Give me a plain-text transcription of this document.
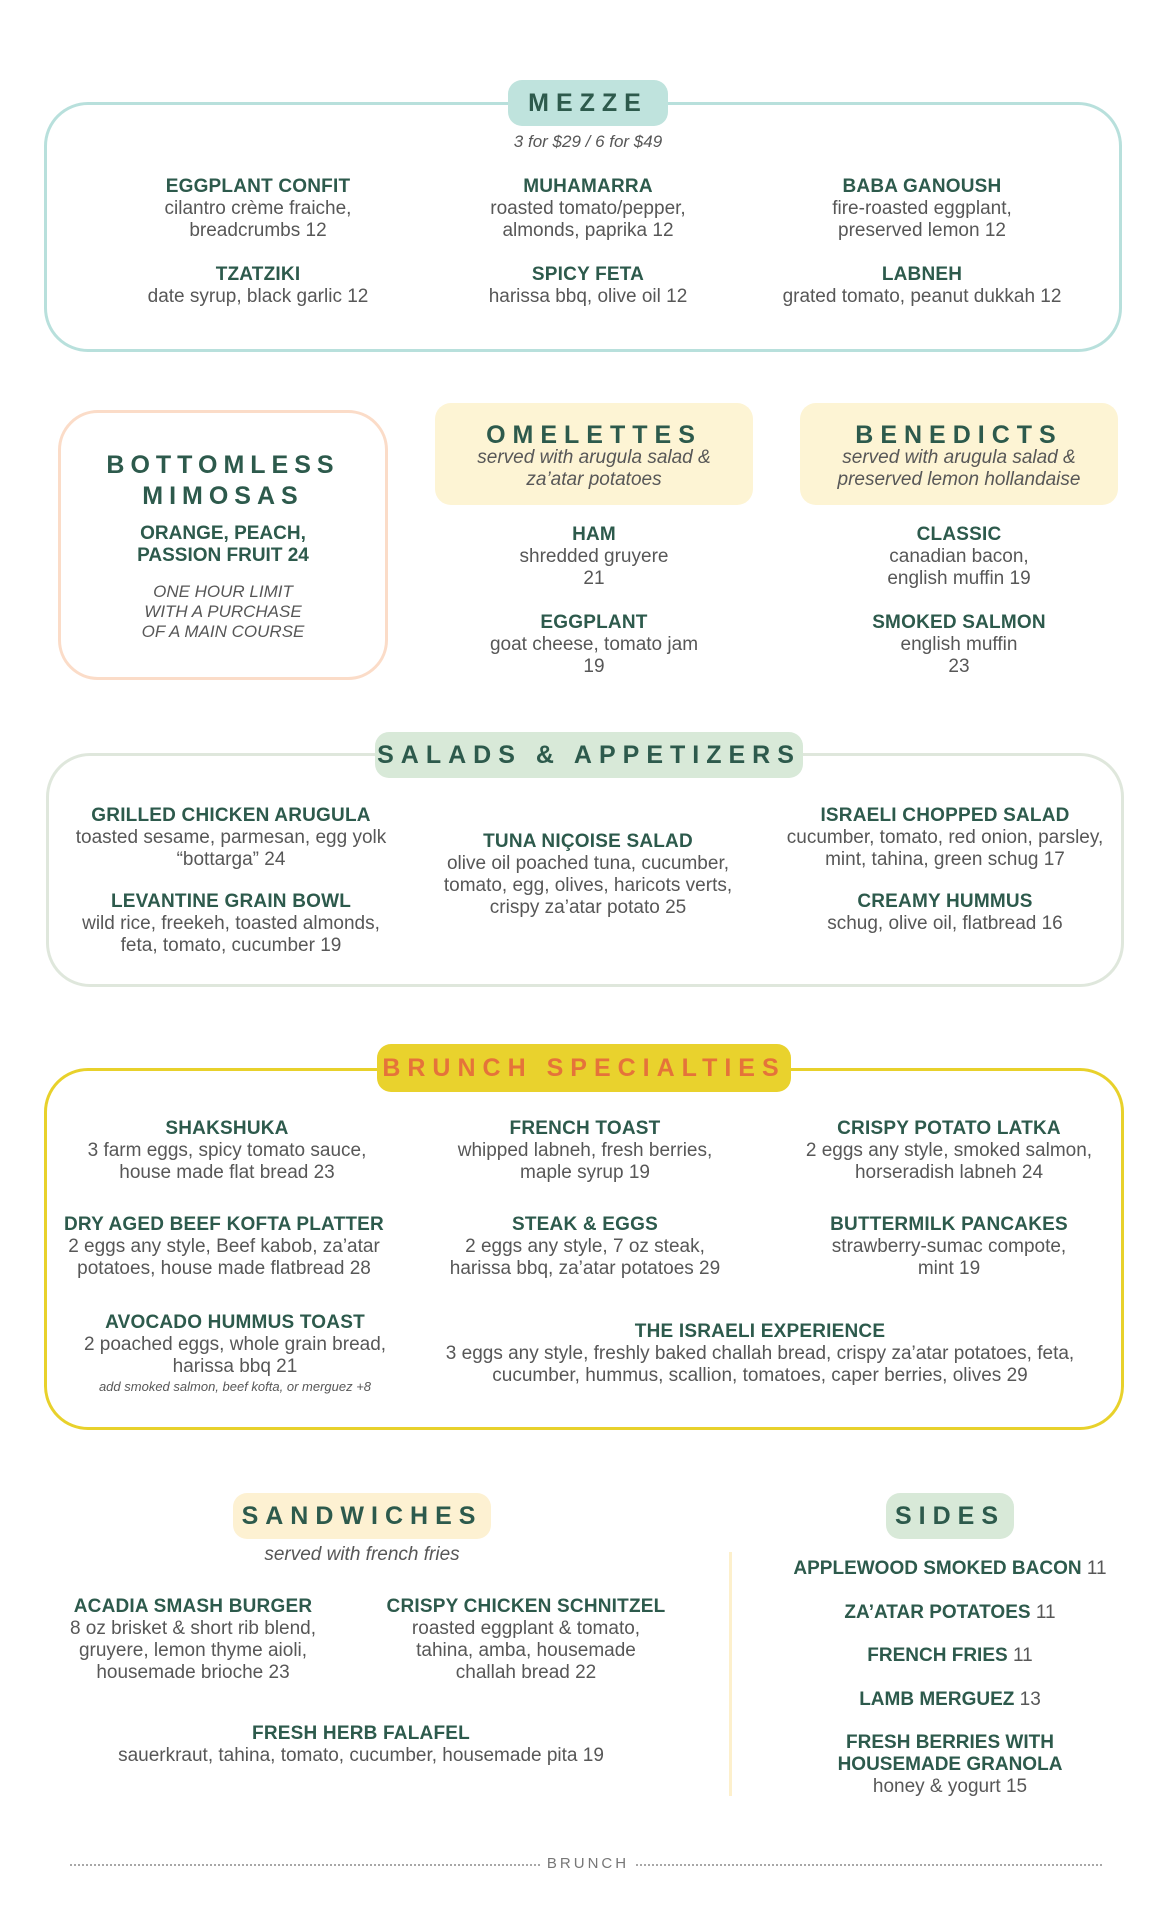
MEZZE
3 for $29 / 6 for $49
EGGPLANT CONFIT
cilantro crème fraiche,
breadcrumbs 12
MUHAMARRA
roasted tomato/pepper,
almonds, paprika 12
BABA GANOUSH
fire-roasted eggplant,
preserved lemon 12
TZATZIKI
date syrup, black garlic 12
SPICY FETA
harissa bbq, olive oil 12
LABNEH
grated tomato, peanut dukkah 12
BOTTOMLESS
MIMOSAS
ORANGE, PEACH,
PASSION FRUIT 24
ONE HOUR LIMIT
WITH A PURCHASE
OF A MAIN COURSE
OMELETTES
served with arugula salad &
za’atar potatoes
HAM
shredded gruyere
21
EGGPLANT
goat cheese, tomato jam
19
BENEDICTS
served with arugula salad &
preserved lemon hollandaise
CLASSIC
canadian bacon,
english muffin 19
SMOKED SALMON
english muffin
23
SALADS & APPETIZERS
GRILLED CHICKEN ARUGULA
toasted sesame, parmesan, egg yolk
“bottarga” 24
LEVANTINE GRAIN BOWL
wild rice, freekeh, toasted almonds,
feta, tomato, cucumber 19
TUNA NIÇOISE SALAD
olive oil poached tuna, cucumber,
tomato, egg, olives, haricots verts,
crispy za’atar potato 25
ISRAELI CHOPPED SALAD
cucumber, tomato, red onion, parsley,
mint, tahina, green schug 17
CREAMY HUMMUS
schug, olive oil, flatbread 16
BRUNCH SPECIALTIES
SHAKSHUKA
3 farm eggs, spicy tomato sauce,
house made flat bread 23
FRENCH TOAST
whipped labneh, fresh berries,
maple syrup 19
CRISPY POTATO LATKA
2 eggs any style, smoked salmon,
horseradish labneh 24
DRY AGED BEEF KOFTA PLATTER
2 eggs any style, Beef kabob, za’atar
potatoes, house made flatbread 28
STEAK & EGGS
2 eggs any style, 7 oz steak,
harissa bbq, za’atar potatoes 29
BUTTERMILK PANCAKES
strawberry-sumac compote,
mint 19
AVOCADO HUMMUS TOAST
2 poached eggs, whole grain bread,
harissa bbq 21
add smoked salmon, beef kofta, or merguez +8
THE ISRAELI EXPERIENCE
3 eggs any style, freshly baked challah bread, crispy za’atar potatoes, feta,
cucumber, hummus, scallion, tomatoes, caper berries, olives 29
SANDWICHES
served with french fries
ACADIA SMASH BURGER
8 oz brisket & short rib blend,
gruyere, lemon thyme aioli,
housemade brioche 23
CRISPY CHICKEN SCHNITZEL
roasted eggplant & tomato,
tahina, amba, housemade
challah bread 22
FRESH HERB FALAFEL
sauerkraut, tahina, tomato, cucumber, housemade pita 19
SIDES
APPLEWOOD SMOKED BACON 11
ZA’ATAR POTATOES 11
FRENCH FRIES 11
LAMB MERGUEZ 13
FRESH BERRIES WITH
HOUSEMADE GRANOLA
honey & yogurt 15
BRUNCH
